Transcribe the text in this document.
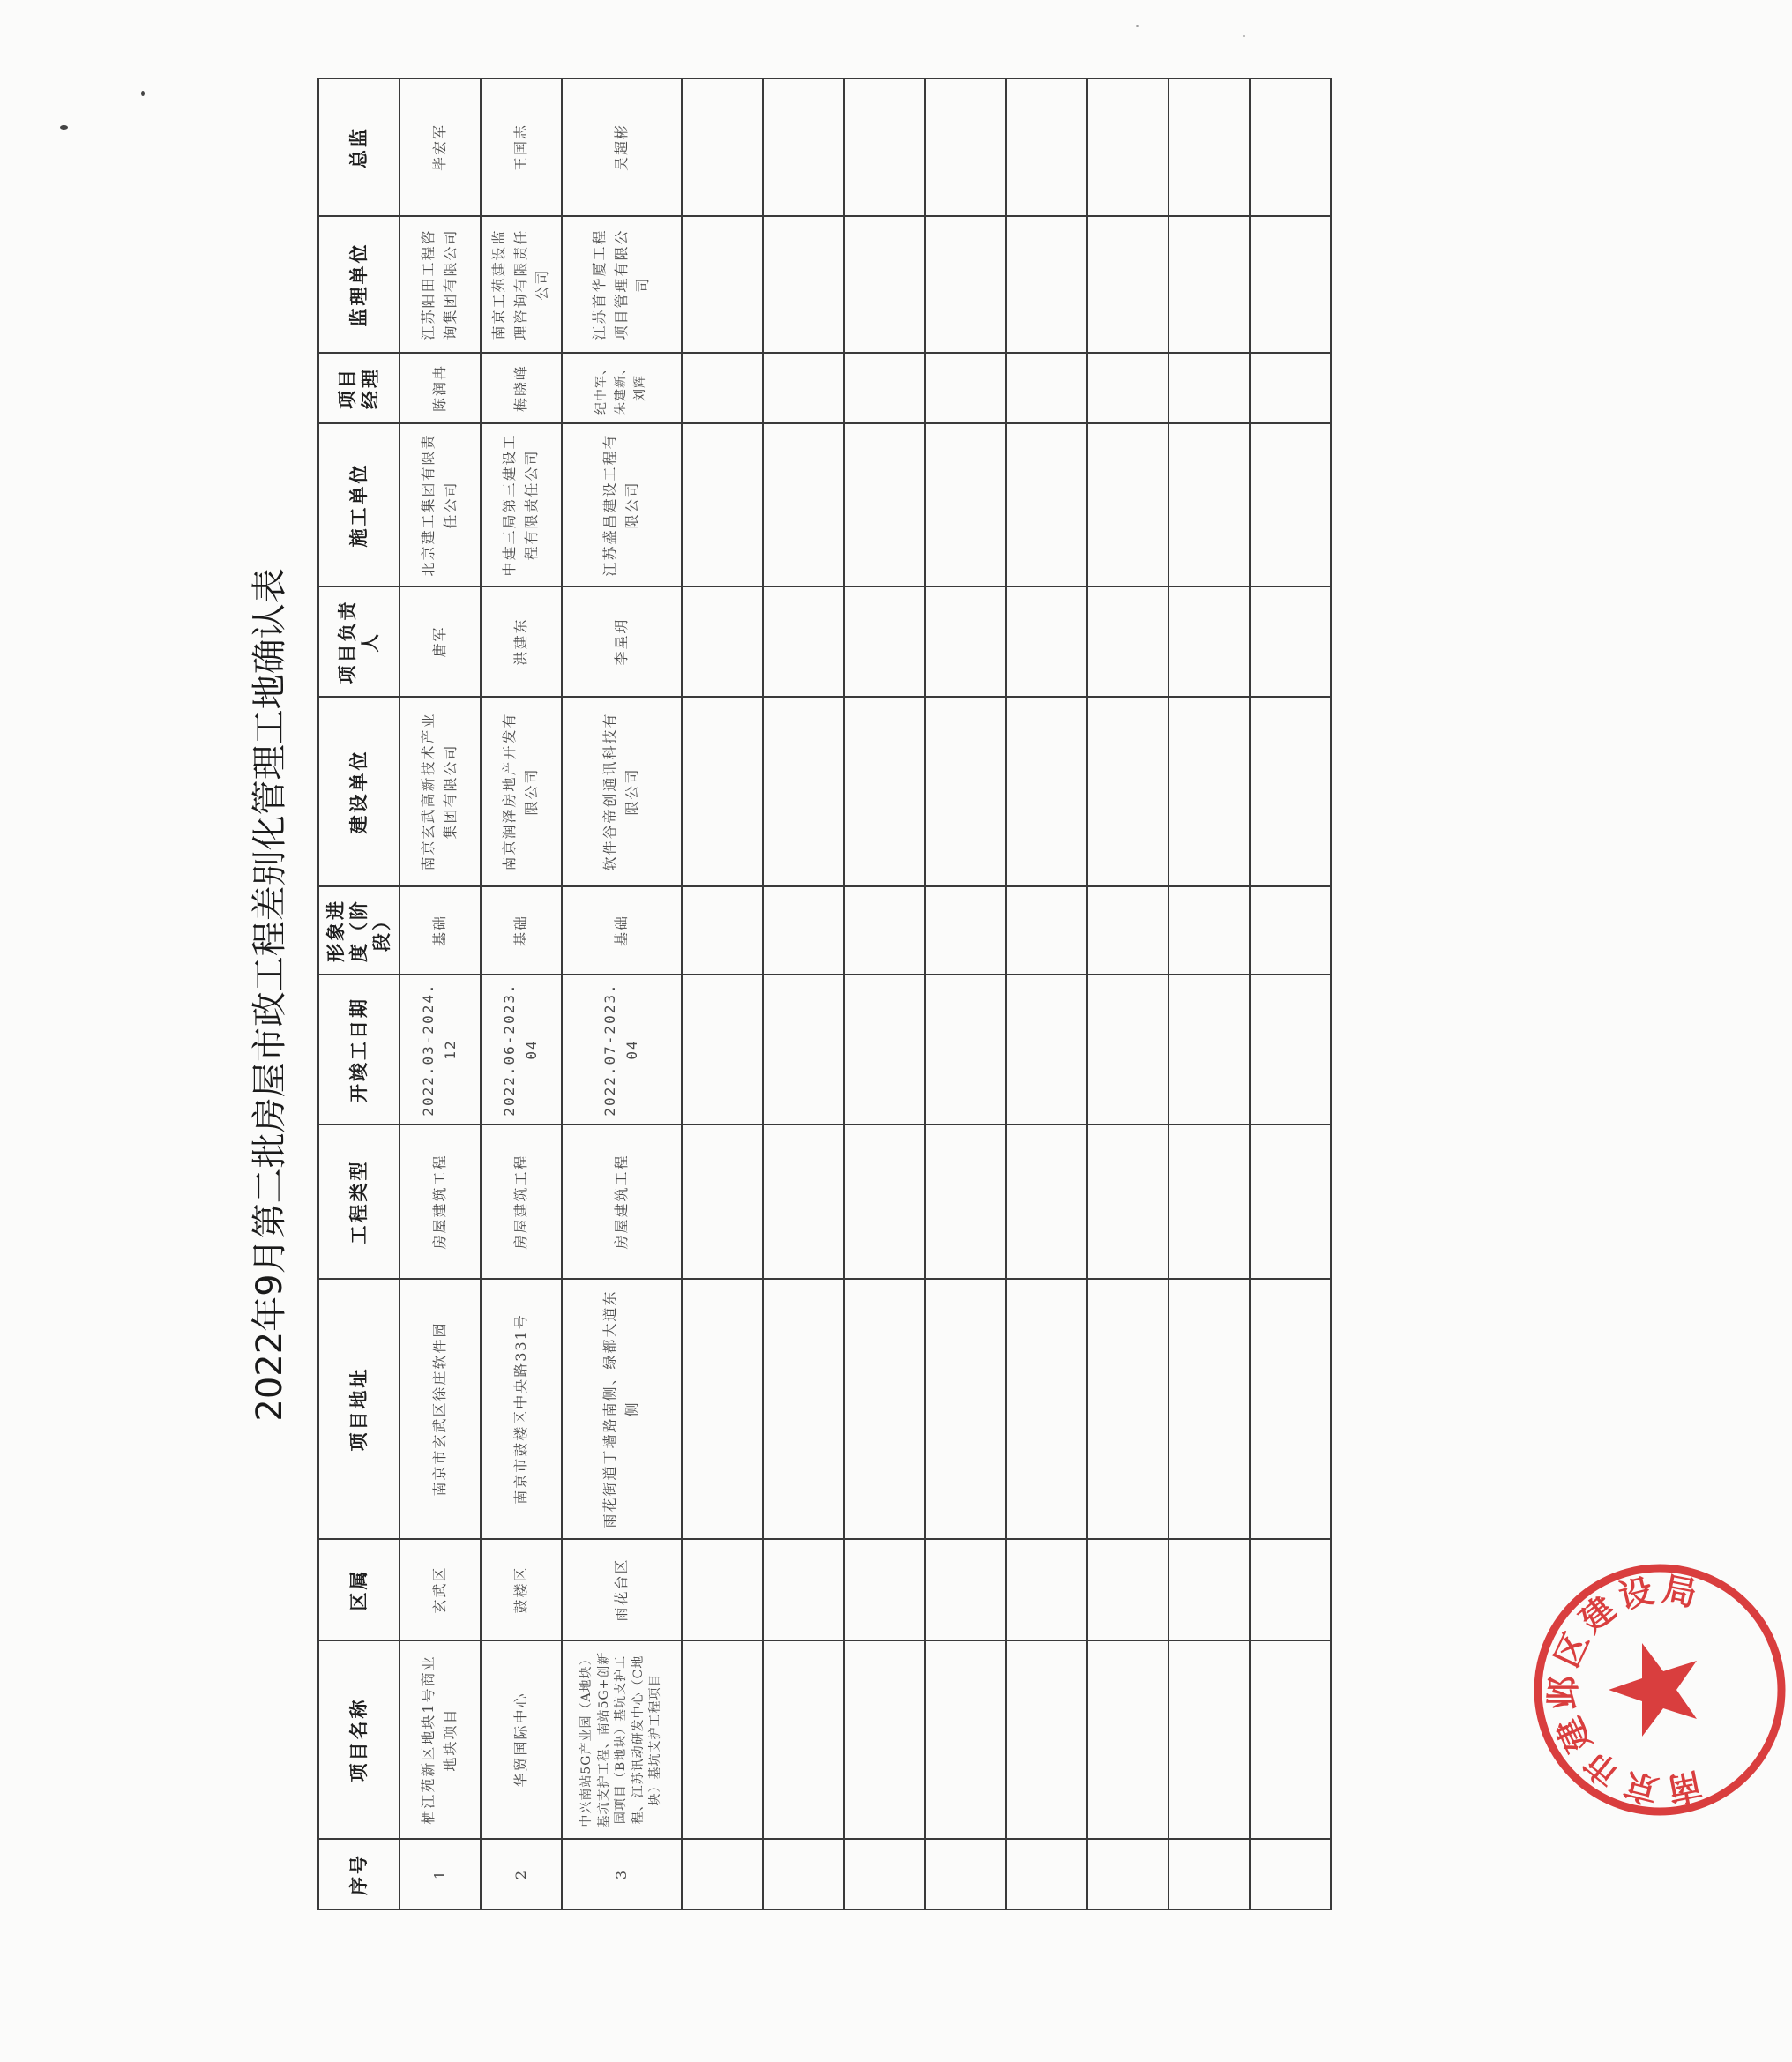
2022年9月第二批房屋市政工程差别化管理工地确认表
序号	项目名称	区属	项目地址	工程类型	开竣工日期	形象进度（阶段）	建设单位	项目负责人	施工单位	项目经理	监理单位	总监
1	栖江苑新区地块1号商业地块项目	玄武区	南京市玄武区徐庄软件园	房屋建筑工程	2022.03-2024.12	基础	南京玄武高新技术产业集团有限公司	唐军	北京建工集团有限责任公司	陈润冉	江苏阳田工程咨询集团有限公司	毕宏军
2	华贸国际中心	鼓楼区	南京市鼓楼区中央路331号	房屋建筑工程	2022.06-2023.04	基础	南京润泽房地产开发有限公司	洪建东	中建三局第三建设工程有限责任公司	梅晓峰	南京工苑建设监理咨询有限责任公司	王国志
3	中兴南站5G产业园（A地块）基坑支护工程、南站5G+创新园项目（B地块）基坑支护工程、江苏讯动研发中心（C地块）基坑支护工程项目	雨花台区	雨花街道丁墙路南侧、绿都大道东侧	房屋建筑工程	2022.07-2023.04	基础	软件谷帝创通讯科技有限公司	李星玥	江苏盛昌建设工程有限公司	纪中军、朱建新、刘辉	江苏首华厦工程项目管理有限公司	吴超彬

南京市建邺区建设局
